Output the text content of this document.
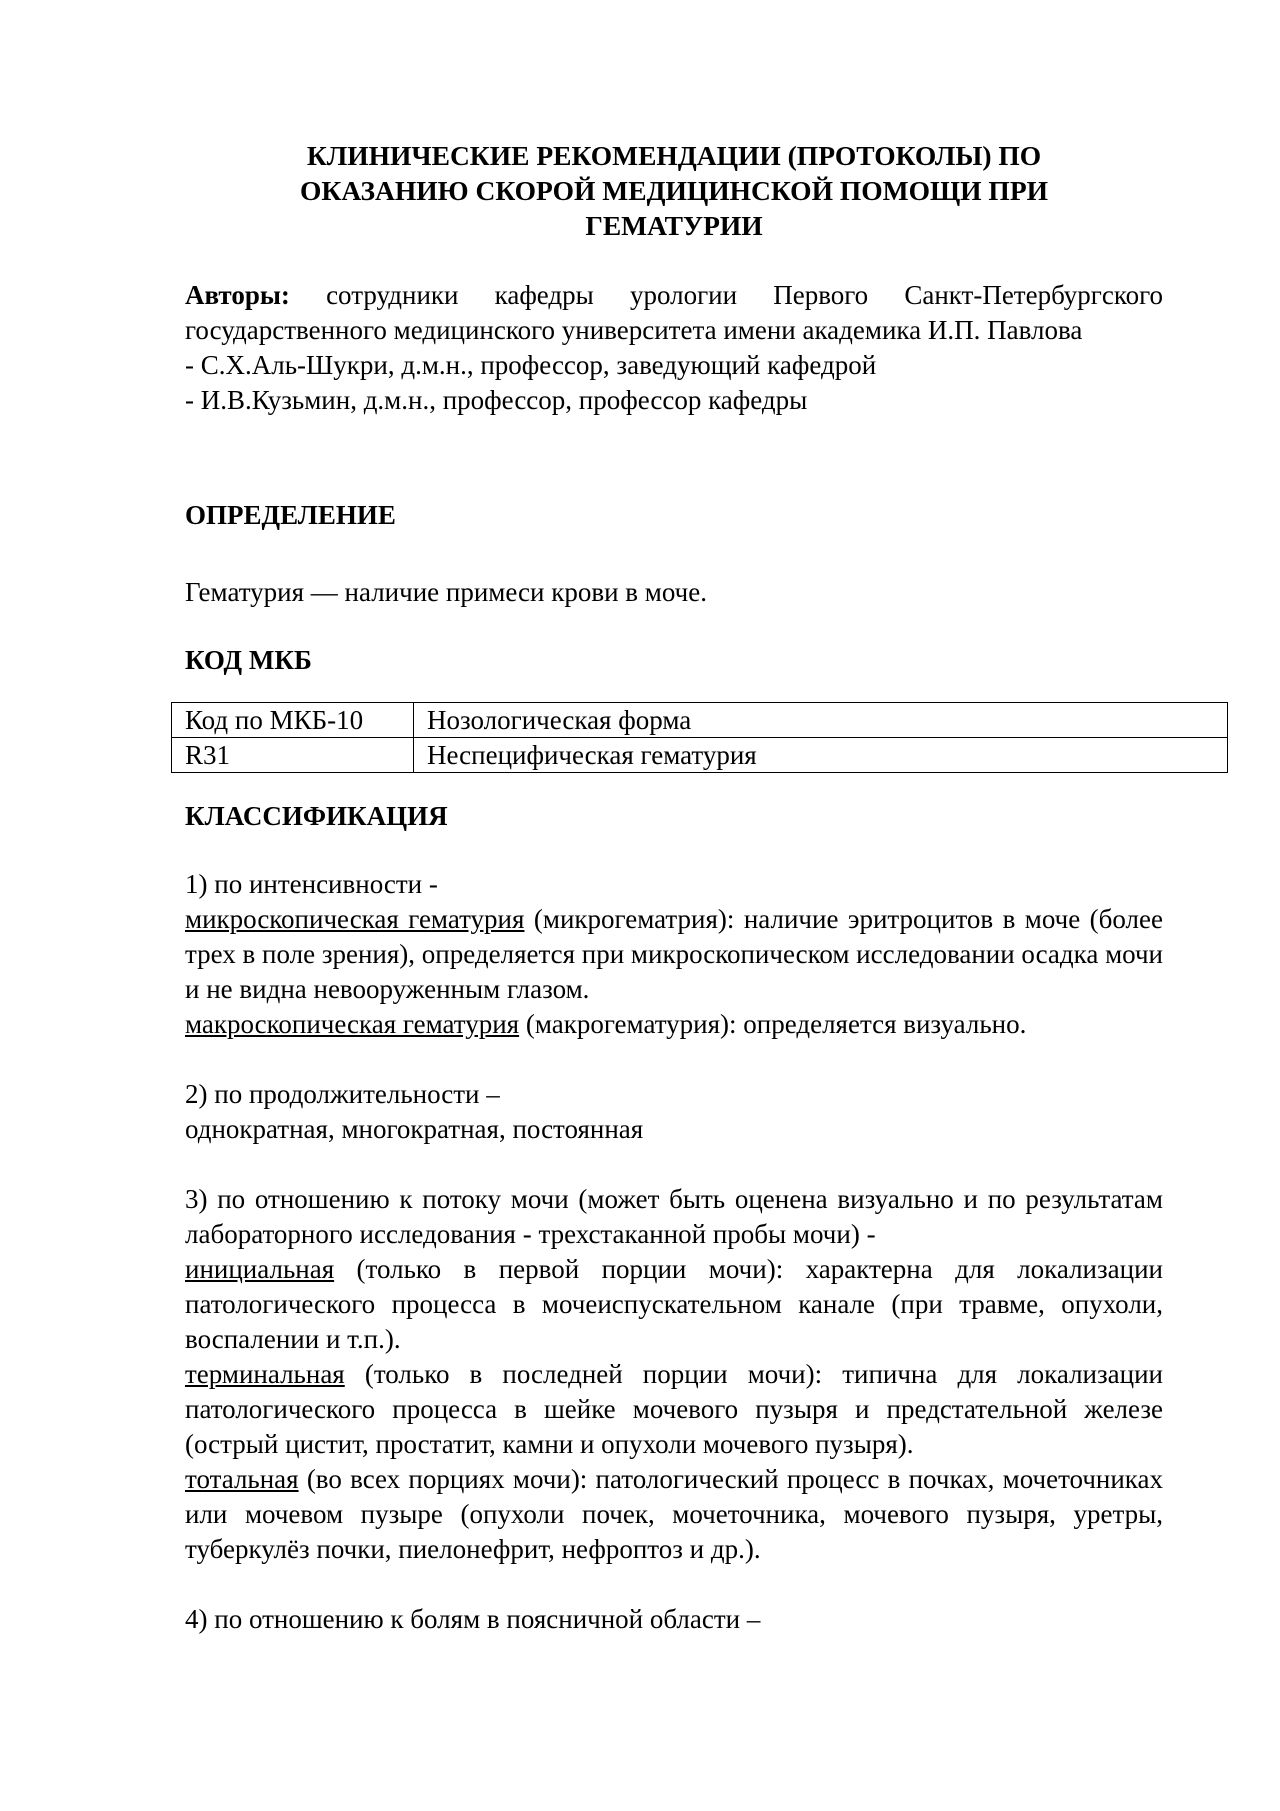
КЛИНИЧЕСКИЕ РЕКОМЕНДАЦИИ (ПРОТОКОЛЫ) ПО
ОКАЗАНИЮ СКОРОЙ МЕДИЦИНСКОЙ ПОМОЩИ ПРИ
ГЕМАТУРИИ

Авторы: сотрудники кафедры урологии Первого Санкт-Петербургского государственного медицинского университета имени академика И.П. Павлова

- С.Х.Аль-Шукри, д.м.н., профессор, заведующий кафедрой

- И.В.Кузьмин, д.м.н., профессор, профессор кафедры

ОПРЕДЕЛЕНИЕ

Гематурия — наличие примеси крови в моче.

КОД МКБ

Код по МКБ-10	Нозологическая форма
R31	Неспецифическая гематурия

КЛАССИФИКАЦИЯ

1) по интенсивности -

микроскопическая гематурия (микрогематрия): наличие эритроцитов в моче (более трех в поле зрения), определяется при микроскопическом исследовании осадка мочи и не видна невооруженным глазом.

макроскопическая гематурия (макрогематурия): определяется визуально.

2) по продолжительности –

однократная, многократная, постоянная

3) по отношению к потоку мочи (может быть оценена визуально и по результатам лабораторного исследования - трехстаканной пробы мочи) -

инициальная (только в первой порции мочи): характерна для локализации патологического процесса в мочеиспускательном канале (при травме, опухоли, воспалении и т.п.).

терминальная (только в последней порции мочи): типична для локализации патологического процесса в шейке мочевого пузыря и предстательной железе (острый цистит, простатит, камни и опухоли мочевого пузыря).

тотальная (во всех порциях мочи): патологический процесс в почках, мочеточниках или мочевом пузыре (опухоли почек, мочеточника, мочевого пузыря, уретры, туберкулёз почки, пиелонефрит, нефроптоз и др.).

4) по отношению к болям в поясничной области –
